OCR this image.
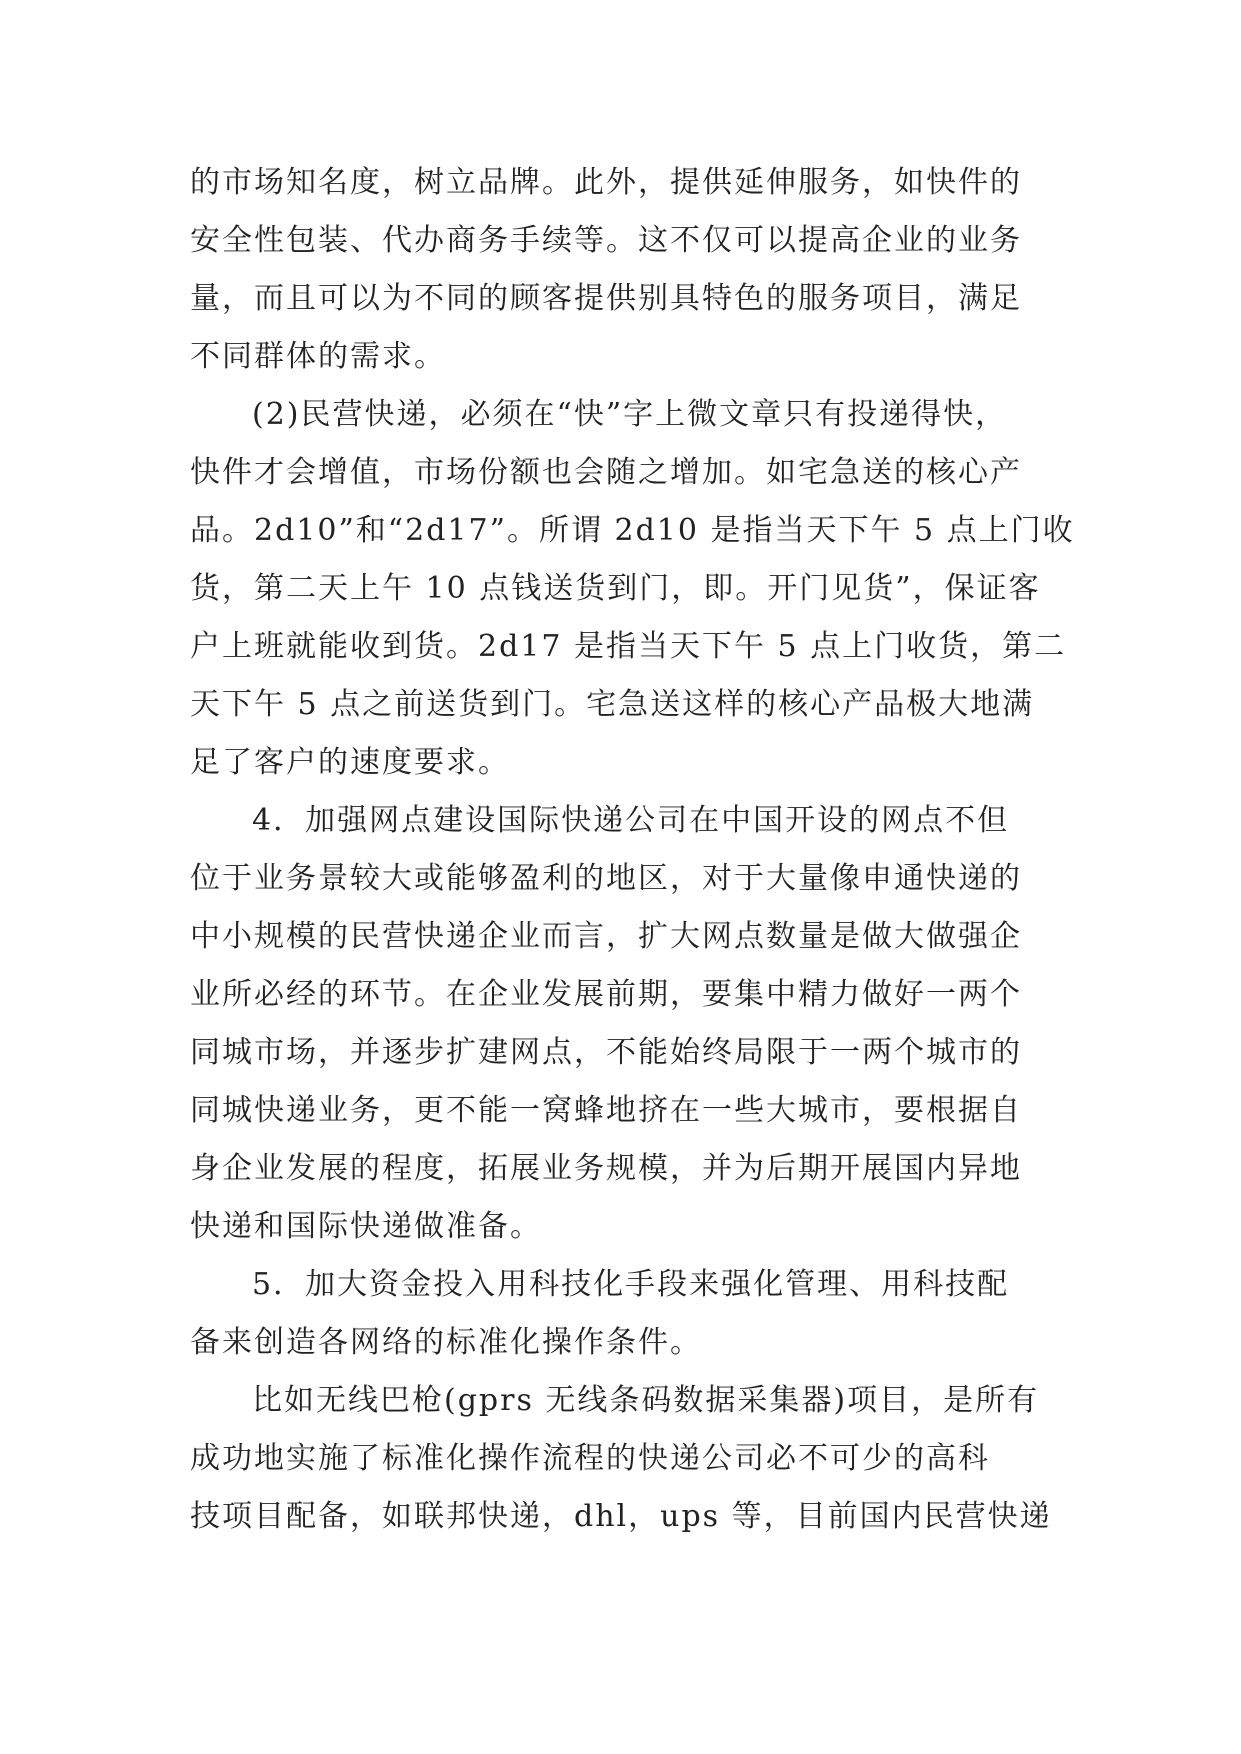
的市场知名度，树立品牌。此外，提供延伸服务，如快件的
安全性包装、代办商务手续等。这不仅可以提高企业的业务
量，而且可以为不同的顾客提供别具特色的服务项目，满足
不同群体的需求。
(2)民营快递，必须在“快”字上微文章只有投递得快，
快件才会增值，市场份额也会随之增加。如宅急送的核心产
品。2d10”和“2d17”。所谓 2d10 是指当天下午 5 点上门收
货，第二天上午 10 点钱送货到门，即。开门见货”，保证客
户上班就能收到货。2d17 是指当天下午 5 点上门收货，第二
天下午 5 点之前送货到门。宅急送这样的核心产品极大地满
足了客户的速度要求。
4．加强网点建设国际快递公司在中国开设的网点不但
位于业务景较大或能够盈利的地区，对于大量像申通快递的
中小规模的民营快递企业而言，扩大网点数量是做大做强企
业所必经的环节。在企业发展前期，要集中精力做好一两个
同城市场，并逐步扩建网点，不能始终局限于一两个城市的
同城快递业务，更不能一窝蜂地挤在一些大城市，要根据自
身企业发展的程度，拓展业务规模，并为后期开展国内异地
快递和国际快递做准备。
5．加大资金投入用科技化手段来强化管理、用科技配
备来创造各网络的标准化操作条件。
比如无线巴枪(gprs 无线条码数据采集器)项目，是所有
成功地实施了标准化操作流程的快递公司必不可少的高科
技项目配备，如联邦快递，dhl，ups 等，目前国内民营快递
